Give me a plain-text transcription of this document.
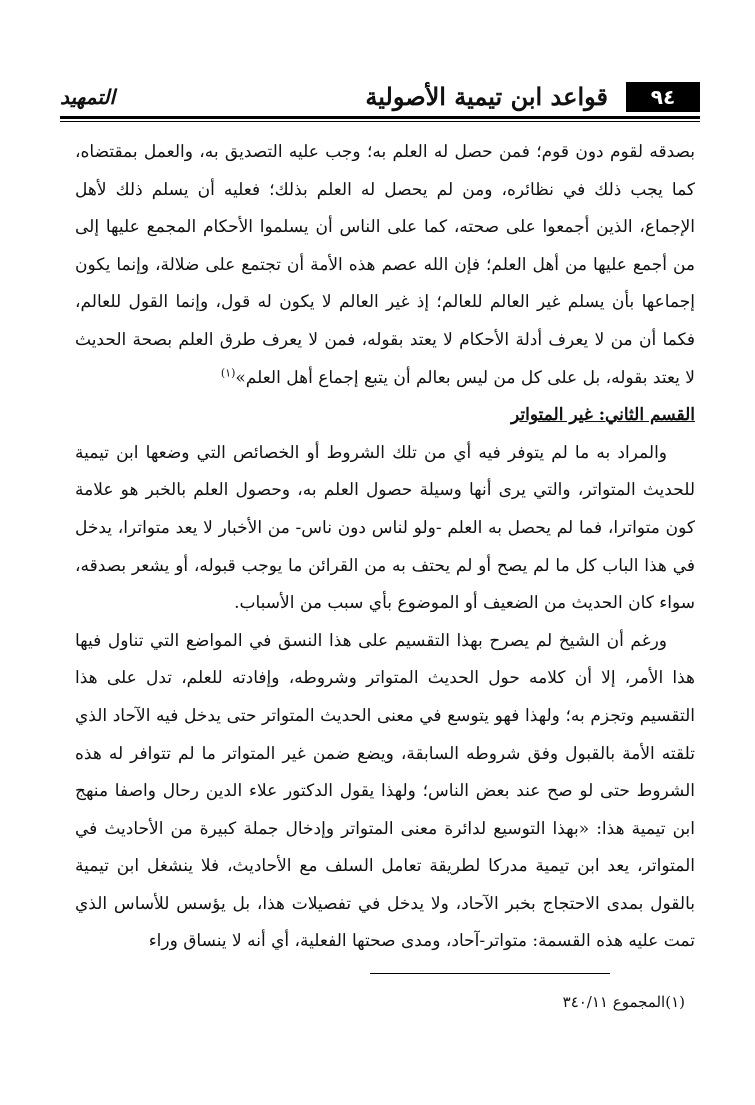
٩٤
قواعد ابن تيمية الأصولية
التمهيد

بصدقه لقوم دون قوم؛ فمن حصل له العلم به؛ وجب عليه التصديق به، والعمل بمقتضاه، كما يجب ذلك في نظائره، ومن لم يحصل له العلم بذلك؛ فعليه أن يسلم ذلك لأهل الإجماع، الذين أجمعوا على صحته، كما على الناس أن يسلموا الأحكام المجمع عليها إلى من أجمع عليها من أهل العلم؛ فإن الله عصم هذه الأمة أن تجتمع على ضلالة، وإنما يكون إجماعها بأن يسلم غير العالم للعالم؛ إذ غير العالم لا يكون له قول، وإنما القول للعالم، فكما أن من لا يعرف أدلة الأحكام لا يعتد بقوله، فمن لا يعرف طرق العلم بصحة الحديث لا يعتد بقوله، بل على كل من ليس بعالم أن يتبع إجماع أهل العلم»$^{(١)}$

القسم الثاني: غير المتواتر

والمراد به ما لم يتوفر فيه أي من تلك الشروط أو الخصائص التي وضعها ابن تيمية للحديث المتواتر، والتي يرى أنها وسيلة حصول العلم به، وحصول العلم بالخبر هو علامة كون متواترا، فما لم يحصل به العلم -ولو لناس دون ناس- من الأخبار لا يعد متواترا، يدخل في هذا الباب كل ما لم يصح أو لم يحتف به من القرائن ما يوجب قبوله، أو يشعر بصدقه، سواء كان الحديث من الضعيف أو الموضوع بأي سبب من الأسباب.

ورغم أن الشيخ لم يصرح بهذا التقسيم على هذا النسق في المواضع التي تناول فيها هذا الأمر، إلا أن كلامه حول الحديث المتواتر وشروطه، وإفادته للعلم، تدل على هذا التقسيم وتجزم به؛ ولهذا فهو يتوسع في معنى الحديث المتواتر حتى يدخل فيه الآحاد الذي تلقته الأمة بالقبول وفق شروطه السابقة، ويضع ضمن غير المتواتر ما لم تتوافر له هذه الشروط حتى لو صح عند بعض الناس؛ ولهذا يقول الدكتور علاء الدين رحال واصفا منهج ابن تيمية هذا: «بهذا التوسيع لدائرة معنى المتواتر وإدخال جملة كبيرة من الأحاديث في المتواتر، يعد ابن تيمية مدركا لطريقة تعامل السلف مع الأحاديث، فلا ينشغل ابن تيمية بالقول بمدى الاحتجاج بخبر الآحاد، ولا يدخل في تفصيلات هذا، بل يؤسس للأساس الذي تمت عليه هذه القسمة: متواتر-آحاد، ومدى صحتها الفعلية، أي أنه لا ينساق وراء

(١)المجموع ٣٤٠/١١
